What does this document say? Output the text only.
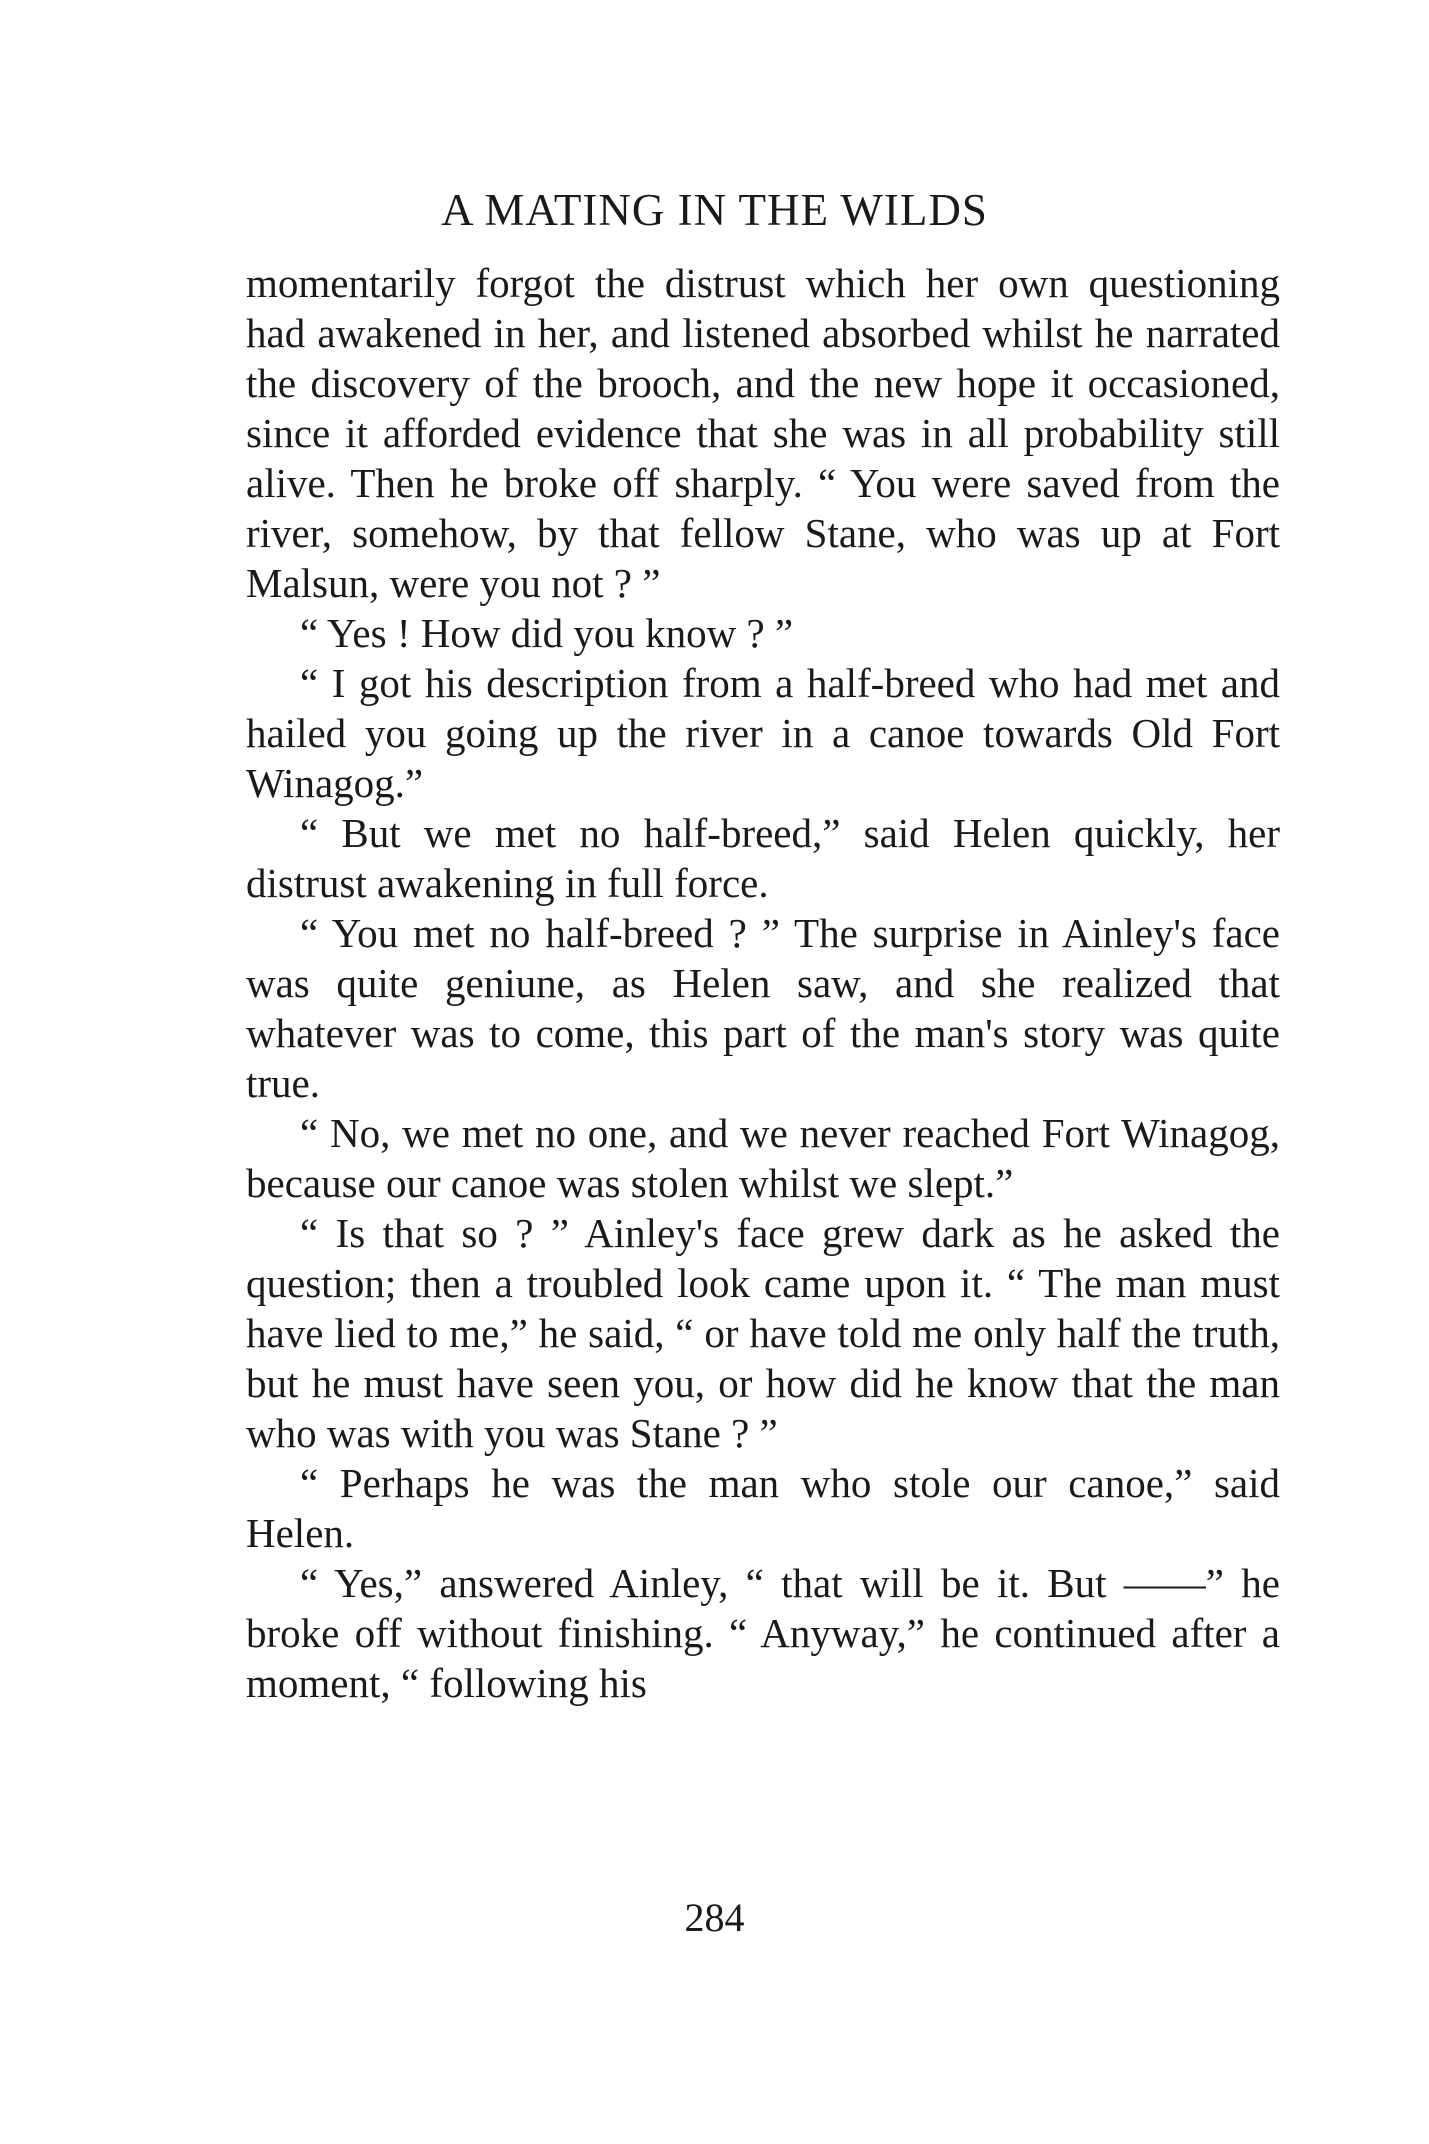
A MATING IN THE WILDS

momentarily forgot the distrust which her own questioning had awakened in her, and listened absorbed whilst he narrated the discovery of the brooch, and the new hope it occasioned, since it afforded evidence that she was in all probability still alive. Then he broke off sharply. “ You were saved from the river, somehow, by that fellow Stane, who was up at Fort Malsun, were you not ? ”

“ Yes ! How did you know ? ”

“ I got his description from a half-breed who had met and hailed you going up the river in a canoe towards Old Fort Winagog.”

“ But we met no half-breed,” said Helen quickly, her distrust awakening in full force.

“ You met no half-breed ? ” The surprise in Ainley's face was quite geniune, as Helen saw, and she realized that whatever was to come, this part of the man's story was quite true.

“ No, we met no one, and we never reached Fort Winagog, because our canoe was stolen whilst we slept.”

“ Is that so ? ” Ainley's face grew dark as he asked the question; then a troubled look came upon it. “ The man must have lied to me,” he said, “ or have told me only half the truth, but he must have seen you, or how did he know that the man who was with you was Stane ? ”

“ Perhaps he was the man who stole our canoe,” said Helen.

“ Yes,” answered Ainley, “ that will be it. But ——” he broke off without finishing. “ Anyway,” he continued after a moment, “ following his

284
